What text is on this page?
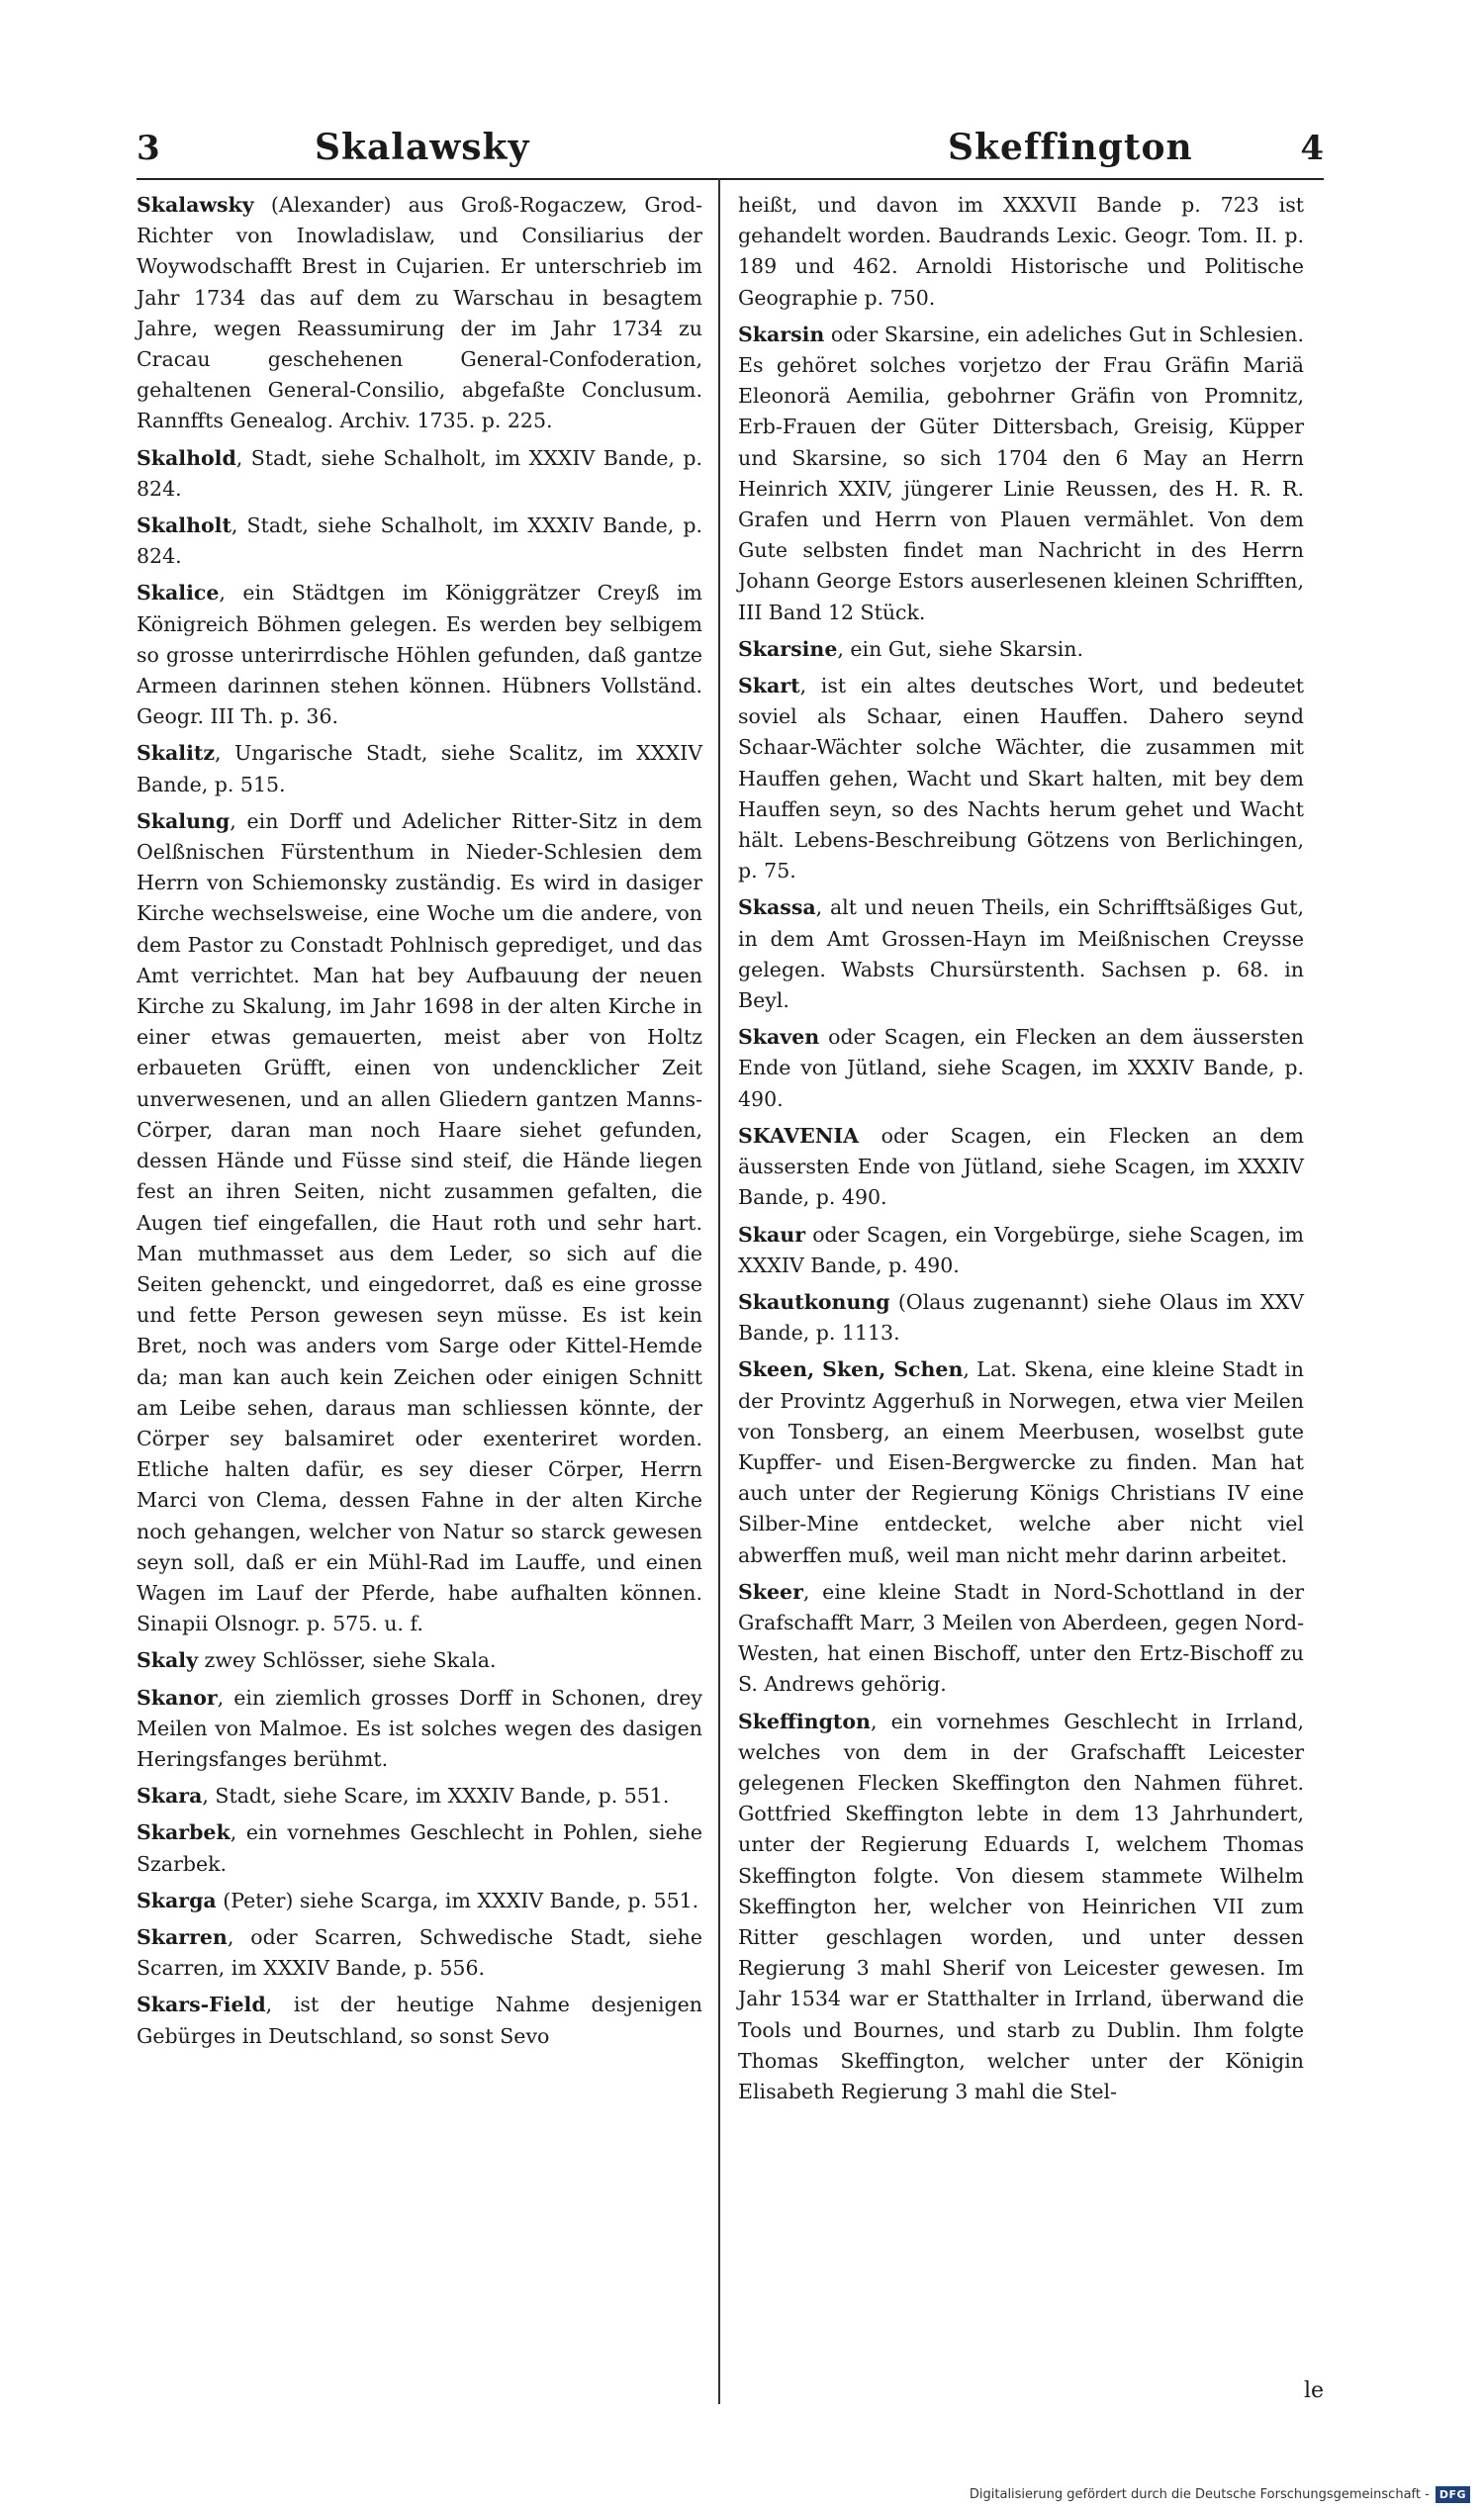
3	Skalawsky	Skeffington	4

Skalawsky (Alexander) aus Groß-Rogaczew, Grod-Richter von Inowladislaw, und Consiliarius der Woywodschafft Brest in Cujarien. Er unterschrieb im Jahr 1734 das auf dem zu Warschau in besagtem Jahre, wegen Reassumirung der im Jahr 1734 zu Cracau geschehenen General-Confoderation, gehaltenen General-Consilio, abgefaßte Conclusum. Rannffts Genealog. Archiv. 1735. p. 225.

Skalhold, Stadt, siehe Schalholt, im XXXIV Bande, p. 824.

Skalholt, Stadt, siehe Schalholt, im XXXIV Bande, p. 824.

Skalice, ein Städtgen im Königgrätzer Creyß im Königreich Böhmen gelegen. Es werden bey selbigem so grosse unterirrdische Höhlen gefunden, daß gantze Armeen darinnen stehen können. Hübners Vollständ. Geogr. III Th. p. 36.

Skalitz, Ungarische Stadt, siehe Scalitz, im XXXIV Bande, p. 515.

Skalung, ein Dorff und Adelicher Ritter-Sitz in dem Oelßnischen Fürstenthum in Nieder-Schlesien dem Herrn von Schiemonsky zuständig. Es wird in dasiger Kirche wechselsweise, eine Woche um die andere, von dem Pastor zu Constadt Pohlnisch geprediget, und das Amt verrichtet. Man hat bey Aufbauung der neuen Kirche zu Skalung, im Jahr 1698 in der alten Kirche in einer etwas gemauerten, meist aber von Holtz erbaueten Grüfft, einen von undencklicher Zeit unverwesenen, und an allen Gliedern gantzen Manns-Cörper, daran man noch Haare siehet gefunden, dessen Hände und Füsse sind steif, die Hände liegen fest an ihren Seiten, nicht zusammen gefalten, die Augen tief eingefallen, die Haut roth und sehr hart. Man muthmasset aus dem Leder, so sich auf die Seiten gehenckt, und eingedorret, daß es eine grosse und fette Person gewesen seyn müsse. Es ist kein Bret, noch was anders vom Sarge oder Kittel-Hemde da; man kan auch kein Zeichen oder einigen Schnitt am Leibe sehen, daraus man schliessen könnte, der Cörper sey balsamiret oder exenteriret worden. Etliche halten dafür, es sey dieser Cörper, Herrn Marci von Clema, dessen Fahne in der alten Kirche noch gehangen, welcher von Natur so starck gewesen seyn soll, daß er ein Mühl-Rad im Lauffe, und einen Wagen im Lauf der Pferde, habe aufhalten können. Sinapii Olsnogr. p. 575. u. f.

Skaly zwey Schlösser, siehe Skala.

Skanor, ein ziemlich grosses Dorff in Schonen, drey Meilen von Malmoe. Es ist solches wegen des dasigen Heringsfanges berühmt.

Skara, Stadt, siehe Scare, im XXXIV Bande, p. 551.

Skarbek, ein vornehmes Geschlecht in Pohlen, siehe Szarbek.

Skarga (Peter) siehe Scarga, im XXXIV Bande, p. 551.

Skarren, oder Scarren, Schwedische Stadt, siehe Scarren, im XXXIV Bande, p. 556.

Skars-Field, ist der heutige Nahme desjenigen Gebürges in Deutschland, so sonst Sevo

heißt, und davon im XXXVII Bande p. 723 ist gehandelt worden. Baudrands Lexic. Geogr. Tom. II. p. 189 und 462. Arnoldi Historische und Politische Geographie p. 750.

Skarsin oder Skarsine, ein adeliches Gut in Schlesien. Es gehöret solches vorjetzo der Frau Gräfin Mariä Eleonorä Aemilia, gebohrner Gräfin von Promnitz, Erb-Frauen der Güter Dittersbach, Greisig, Küpper und Skarsine, so sich 1704 den 6 May an Herrn Heinrich XXIV, jüngerer Linie Reussen, des H. R. R. Grafen und Herrn von Plauen vermählet. Von dem Gute selbsten findet man Nachricht in des Herrn Johann George Estors auserlesenen kleinen Schrifften, III Band 12 Stück.

Skarsine, ein Gut, siehe Skarsin.

Skart, ist ein altes deutsches Wort, und bedeutet soviel als Schaar, einen Hauffen. Dahero seynd Schaar-Wächter solche Wächter, die zusammen mit Hauffen gehen, Wacht und Skart halten, mit bey dem Hauffen seyn, so des Nachts herum gehet und Wacht hält. Lebens-Beschreibung Götzens von Berlichingen, p. 75.

Skassa, alt und neuen Theils, ein Schrifftsäßiges Gut, in dem Amt Grossen-Hayn im Meißnischen Creysse gelegen. Wabsts Chursürstenth. Sachsen p. 68. in Beyl.

Skaven oder Scagen, ein Flecken an dem äussersten Ende von Jütland, siehe Scagen, im XXXIV Bande, p. 490.

SKAVENIA oder Scagen, ein Flecken an dem äussersten Ende von Jütland, siehe Scagen, im XXXIV Bande, p. 490.

Skaur oder Scagen, ein Vorgebürge, siehe Scagen, im XXXIV Bande, p. 490.

Skautkonung (Olaus zugenannt) siehe Olaus im XXV Bande, p. 1113.

Skeen, Sken, Schen, Lat. Skena, eine kleine Stadt in der Provintz Aggerhuß in Norwegen, etwa vier Meilen von Tonsberg, an einem Meerbusen, woselbst gute Kupffer- und Eisen-Bergwercke zu finden. Man hat auch unter der Regierung Königs Christians IV eine Silber-Mine entdecket, welche aber nicht viel abwerffen muß, weil man nicht mehr darinn arbeitet.

Skeer, eine kleine Stadt in Nord-Schottland in der Grafschafft Marr, 3 Meilen von Aberdeen, gegen Nord-Westen, hat einen Bischoff, unter den Ertz-Bischoff zu S. Andrews gehörig.

Skeffington, ein vornehmes Geschlecht in Irrland, welches von dem in der Grafschafft Leicester gelegenen Flecken Skeffington den Nahmen führet. Gottfried Skeffington lebte in dem 13 Jahrhundert, unter der Regierung Eduards I, welchem Thomas Skeffington folgte. Von diesem stammete Wilhelm Skeffington her, welcher von Heinrichen VII zum Ritter geschlagen worden, und unter dessen Regierung 3 mahl Sherif von Leicester gewesen. Im Jahr 1534 war er Statthalter in Irrland, überwand die Tools und Bournes, und starb zu Dublin. Ihm folgte Thomas Skeffington, welcher unter der Königin Elisabeth Regierung 3 mahl die Stel-

le
Digitalisierung gefördert durch die Deutsche Forschungsgemeinschaft - DFG
